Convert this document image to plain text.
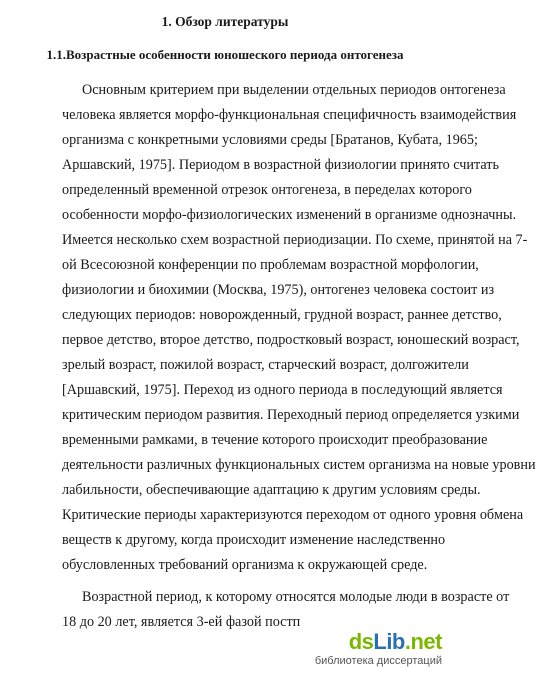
1. Обзор литературы
1.1.Возрастные особенности юношеского периода онтогенеза
Основным критерием при выделении отдельных периодов онтогенеза
человека является морфо-функциональная специфичность взаимодействия
организма с конкретными условиями среды [Братанов, Кубата, 1965;
Аршавский, 1975]. Периодом в возрастной физиологии принято считать
определенный временной отрезок онтогенеза, в переделах которого
особенности морфо-физиологических изменений в организме однозначны.
Имеется несколько схем возрастной периодизации. По схеме, принятой на 7-
ой Всесоюзной конференции по проблемам возрастной морфологии,
физиологии и биохимии (Москва, 1975), онтогенез человека состоит из
следующих периодов: новорожденный, грудной возраст, раннее детство,
первое детство, второе детство, подростковый возраст, юношеский возраст,
зрелый возраст, пожилой возраст, старческий возраст, долгожители
[Аршавский, 1975]. Переход из одного периода в последующий является
критическим периодом развития. Переходный период определяется узкими
временными рамками, в течение которого происходит преобразование
деятельности различных функциональных систем организма на новые уровни
лабильности, обеспечивающие адаптацию к другим условиям среды.
Критические периоды характеризуются переходом от одного уровня обмена
веществ к другому, когда происходит изменение наследственно
обусловленных требований организма к окружающей среде.
Возрастной период, к которому относятся молодые люди в возрасте от
18 до 20 лет, является 3-ей фазой постп
dsLib.net
библиотека диссертаций
